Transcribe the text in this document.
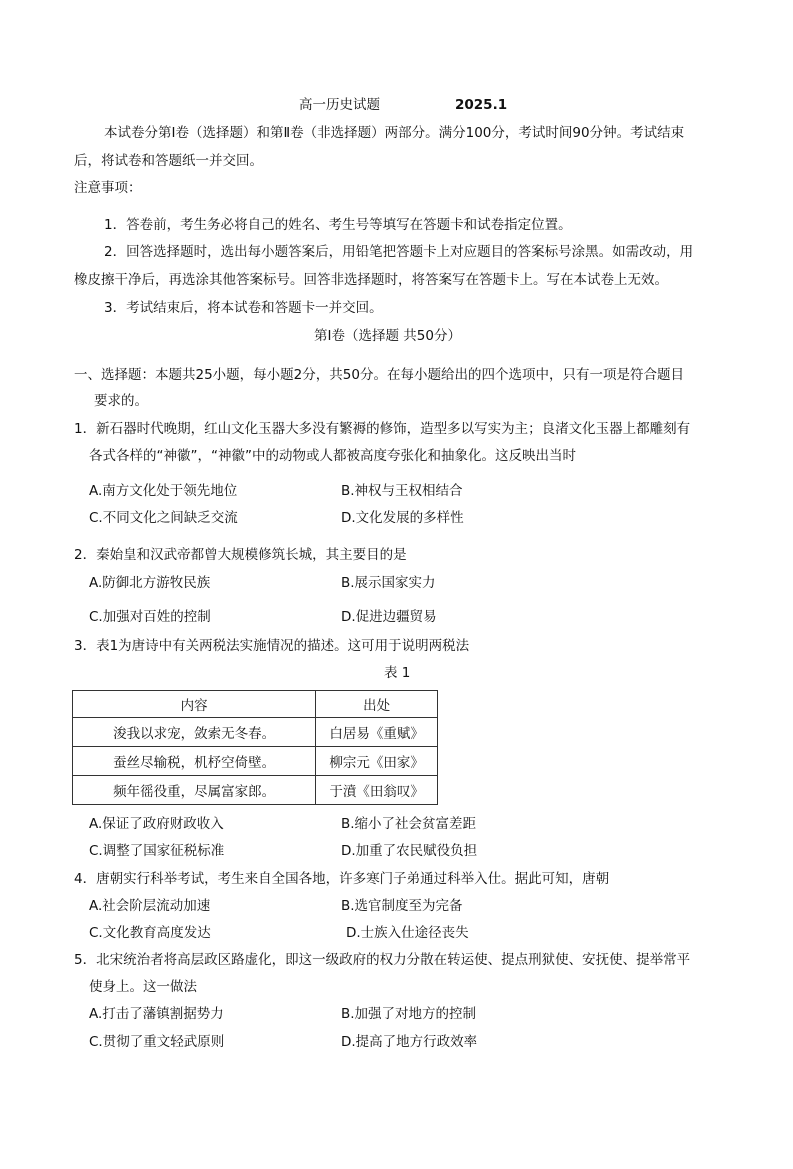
高一历史试题	2025.1
本试卷分第Ⅰ卷（选择题）和第Ⅱ卷（非选择题）两部分。满分100分，考试时间90分钟。考试结束
后，将试卷和答题纸一并交回。
注意事项：
1．答卷前，考生务必将自己的姓名、考生号等填写在答题卡和试卷指定位置。
2．回答选择题时，选出每小题答案后，用铅笔把答题卡上对应题目的答案标号涂黑。如需改动，用
橡皮擦干净后，再选涂其他答案标号。回答非选择题时，将答案写在答题卡上。写在本试卷上无效。
3．考试结束后，将本试卷和答题卡一并交回。
第Ⅰ卷（选择题 共50分）
一、选择题：本题共25小题，每小题2分，共50分。在每小题给出的四个选项中，只有一项是符合题目
要求的。
1．新石器时代晚期，红山文化玉器大多没有繁褥的修饰，造型多以写实为主；良渚文化玉器上都雕刻有
各式各样的“神徽”，“神徽”中的动物或人都被高度夸张化和抽象化。这反映出当时
A.南方文化处于领先地位	B.神权与王权相结合
C.不同文化之间缺乏交流	D.文化发展的多样性
2．秦始皇和汉武帝都曾大规模修筑长城，其主要目的是
A.防御北方游牧民族	B.展示国家实力
C.加强对百姓的控制	D.促进边疆贸易
3．表1为唐诗中有关两税法实施情况的描述。这可用于说明两税法
表 1
内容	出处
浚我以求宠，敛索无冬春。	白居易《重赋》
蚕丝尽输税，机杼空倚壁。	柳宗元《田家》
频年徭役重，尽属富家郎。	于濆《田翁叹》
A.保证了政府财政收入	B.缩小了社会贫富差距
C.调整了国家征税标准	D.加重了农民赋役负担
4．唐朝实行科举考试，考生来自全国各地，许多寒门子弟通过科举入仕。据此可知，唐朝
A.社会阶层流动加速	B.选官制度至为完备
C.文化教育高度发达	D.士族入仕途径丧失
5．北宋统治者将高层政区路虚化，即这一级政府的权力分散在转运使、提点刑狱使、安抚使、提举常平
使身上。这一做法
A.打击了藩镇割据势力	B.加强了对地方的控制
C.贯彻了重文轻武原则	D.提高了地方行政效率
